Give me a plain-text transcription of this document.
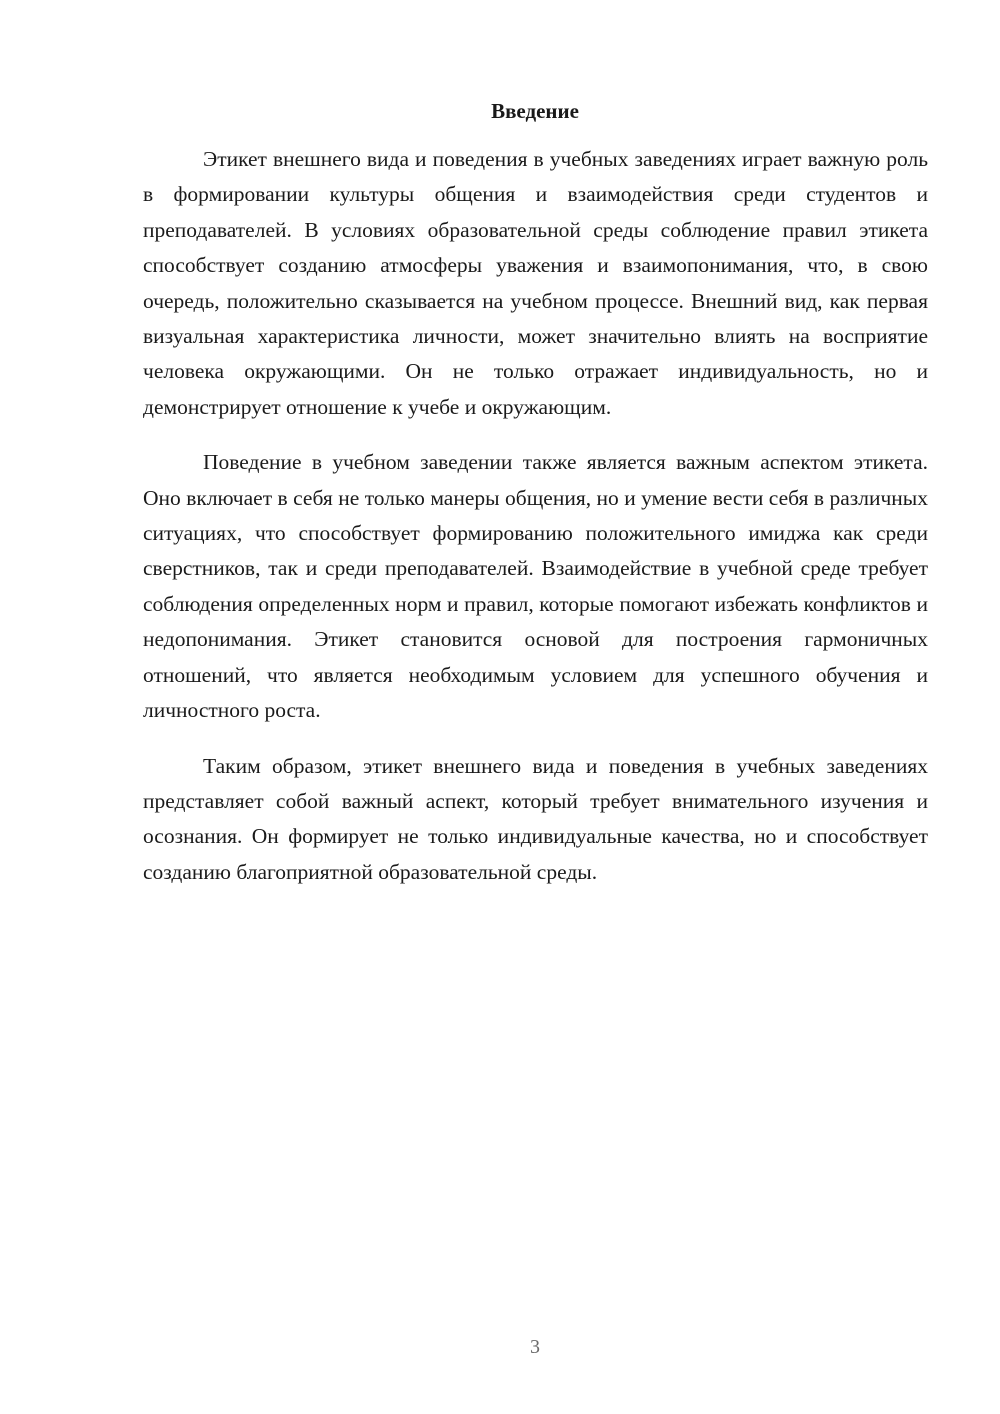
Введение

Этикет внешнего вида и поведения в учебных заведениях играет важную роль в формировании культуры общения и взаимодействия среди студентов и преподавателей. В условиях образовательной среды соблюдение правил этикета способствует созданию атмосферы уважения и взаимопонимания, что, в свою очередь, положительно сказывается на учебном процессе. Внешний вид, как первая визуальная характеристика личности, может значительно влиять на восприятие человека окружающими. Он не только отражает индивидуальность, но и демонстрирует отношение к учебе и окружающим.

Поведение в учебном заведении также является важным аспектом этикета. Оно включает в себя не только манеры общения, но и умение вести себя в различных ситуациях, что способствует формированию положительного имиджа как среди сверстников, так и среди преподавателей. Взаимодействие в учебной среде требует соблюдения определенных норм и правил, которые помогают избежать конфликтов и недопонимания. Этикет становится основой для построения гармоничных отношений, что является необходимым условием для успешного обучения и личностного роста.

Таким образом, этикет внешнего вида и поведения в учебных заведениях представляет собой важный аспект, который требует внимательного изучения и осознания. Он формирует не только индивидуальные качества, но и способствует созданию благоприятной образовательной среды.

3
